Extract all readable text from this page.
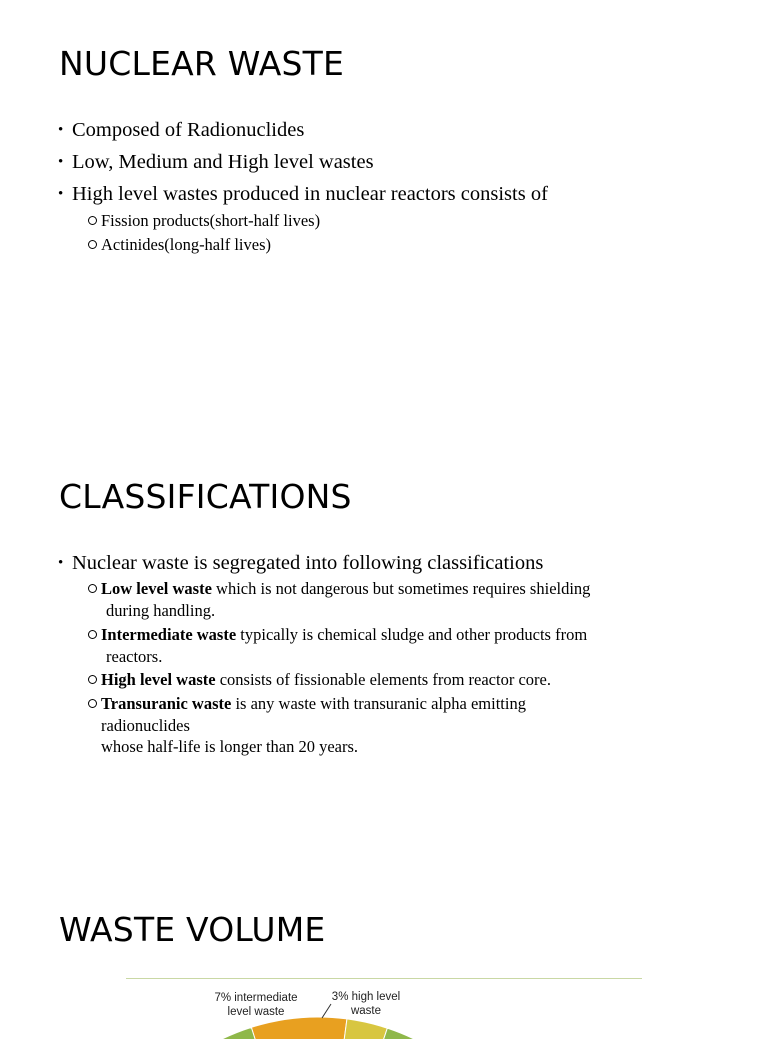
NUCLEAR WASTE
• Composed of Radionuclides
• Low, Medium and High level wastes
• High level wastes produced in nuclear reactors consists of
Fission products(short-half lives)
Actinides(long-half lives)
CLASSIFICATIONS
• Nuclear waste is segregated into following classifications
Low level waste which is not dangerous but sometimes requires shielding
during handling.
Intermediate waste typically is chemical sludge and other products from
reactors.
High level waste consists of fissionable elements from reactor core.
Transuranic waste is any waste with transuranic alpha emitting
radionuclides
whose half-life is longer than 20 years.
WASTE VOLUME
7% intermediate
level waste
3% high level
waste
